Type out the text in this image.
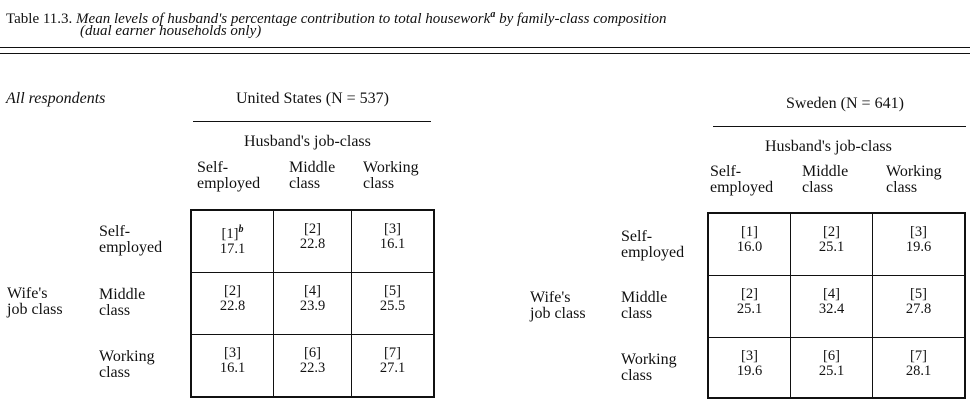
Table 11.3. Mean levels of husband's percentage contribution to total housework$^a$ by family-class composition
(dual earner households only)
All respondents	United States (N = 537)
Husband's job-class
Self-
employed
Middle
class
Working
class
Self-
employed
Middle
class
Working
class
Wife's
job class
$[1]^b$
17.1
[2]
22.8
[3]
16.1
[2]
22.8
[4]
23.9
[5]
25.5
[3]
16.1
[6]
22.3
[7]
27.1
Sweden (N = 641)
Husband's job-class
Self-
employed
Middle
class
Working
class
Self-
employed
Middle
class
Working
class
Wife's
job class
[1]
16.0
[2]
25.1
[3]
19.6
[2]
25.1
[4]
32.4
[5]
27.8
[3]
19.6
[6]
25.1
[7]
28.1
